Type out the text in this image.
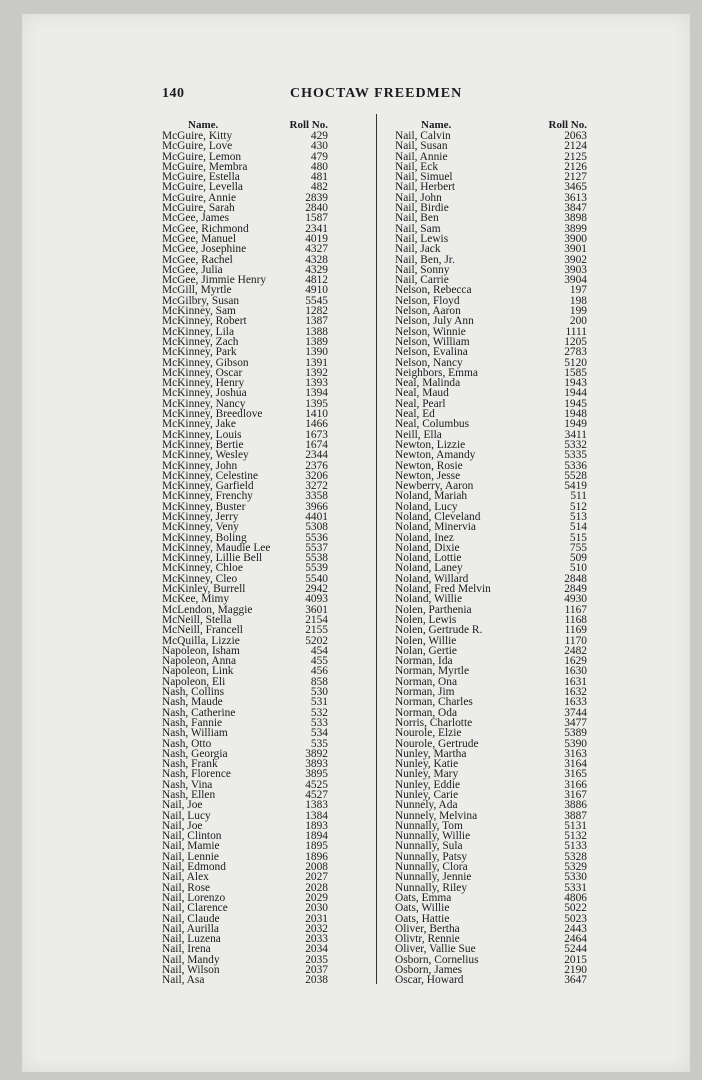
140	CHOCTAW FREEDMEN
Name.	Roll No.
McGuire, Kitty	429
McGuire, Love	430
McGuire, Lemon	479
McGuire, Membra	480
McGuire, Estella	481
McGuire, Levella	482
McGuire, Annie	2839
McGuire, Sarah	2840
McGee, James	1587
McGee, Richmond	2341
McGee, Manuel	4019
McGee, Josephine	4327
McGee, Rachel	4328
McGee, Julia	4329
McGee, Jimmie Henry	4812
McGill, Myrtle	4910
McGilbry, Susan	5545
McKinney, Sam	1282
McKinney, Robert	1387
McKinney, Lila	1388
McKinney, Zach	1389
McKinney, Park	1390
McKinney, Gibson	1391
McKinney, Oscar	1392
McKinney, Henry	1393
McKinney, Joshua	1394
McKinney, Nancy	1395
McKinney, Breedlove	1410
McKinney, Jake	1466
McKinney, Louis	1673
McKinney, Bertie	1674
McKinney, Wesley	2344
McKinney, John	2376
McKinney, Celestine	3206
McKinney, Garfield	3272
McKinney, Frenchy	3358
McKinney, Buster	3966
McKinney, Jerry	4401
McKinney, Veny	5308
McKinney, Boling	5536
McKinney, Maudie Lee	5537
McKinney, Lillie Bell	5538
McKinney, Chloe	5539
McKinney, Cleo	5540
McKinley, Burrell	2942
McKee, Mimy	4093
McLendon, Maggie	3601
McNeill, Stella	2154
McNeill, Francell	2155
McQuilla, Lizzie	5202
Napoleon, Isham	454
Napoleon, Anna	455
Napoleon, Link	456
Napoleon, Eli	858
Nash, Collins	530
Nash, Maude	531
Nash, Catherine	532
Nash, Fannie	533
Nash, William	534
Nash, Otto	535
Nash, Georgia	3892
Nash, Frank	3893
Nash, Florence	3895
Nash, Vina	4525
Nash, Ellen	4527
Nail, Joe	1383
Nail, Lucy	1384
Nail, Joe	1893
Nail, Clinton	1894
Nail, Mamie	1895
Nail, Lennie	1896
Nail, Edmond	2008
Nail, Alex	2027
Nail, Rose	2028
Nail, Lorenzo	2029
Nail, Clarence	2030
Nail, Claude	2031
Nail, Aurilla	2032
Nail, Luzena	2033
Nail, Irena	2034
Nail, Mandy	2035
Nail, Wilson	2037
Nail, Asa	2038
Name.	Roll No.
Nail, Calvin	2063
Nail, Susan	2124
Nail, Annie	2125
Nail, Eck	2126
Nail, Simuel	2127
Nail, Herbert	3465
Nail, John	3613
Nail, Birdie	3847
Nail, Ben	3898
Nail, Sam	3899
Nail, Lewis	3900
Nail, Jack	3901
Nail, Ben, Jr.	3902
Nail, Sonny	3903
Nail, Carrie	3904
Nelson, Rebecca	197
Nelson, Floyd	198
Nelson, Aaron	199
Nelson, July Ann	200
Nelson, Winnie	1111
Nelson, William	1205
Nelson, Evalina	2783
Nelson, Nancy	5120
Neighbors, Emma	1585
Neal, Malinda	1943
Neal, Maud	1944
Neal, Pearl	1945
Neal, Ed	1948
Neal, Columbus	1949
Neill, Ella	3411
Newton, Lizzie	5332
Newton, Amandy	5335
Newton, Rosie	5336
Newton, Jesse	5528
Newberry, Aaron	5419
Noland, Mariah	511
Noland, Lucy	512
Noland, Cleveland	513
Noland, Minervia	514
Noland, Inez	515
Noland, Dixie	755
Noland, Lottie	509
Noland, Laney	510
Noland, Willard	2848
Noland, Fred Melvin	2849
Noland, Willie	4930
Nolen, Parthenia	1167
Nolen, Lewis	1168
Nolen, Gertrude R.	1169
Nolen, Willie	1170
Nolan, Gertie	2482
Norman, Ida	1629
Norman, Myrtle	1630
Norman, Ona	1631
Norman, Jim	1632
Norman, Charles	1633
Norman, Oda	3744
Norris, Charlotte	3477
Nourole, Elzie	5389
Nourole, Gertrude	5390
Nunley, Martha	3163
Nunley, Katie	3164
Nunley, Mary	3165
Nunley, Eddie	3166
Nunley, Carie	3167
Nunnely, Ada	3886
Nunnely, Melvina	3887
Nunnally, Tom	5131
Nunnally, Willie	5132
Nunnally, Sula	5133
Nunnally, Patsy	5328
Nunnally, Clora	5329
Nunnally, Jennie	5330
Nunnally, Riley	5331
Oats, Emma	4806
Oats, Willie	5022
Oats, Hattie	5023
Oliver, Bertha	2443
Olivtr, Rennie	2464
Oliver, Vallie Sue	5244
Osborn, Cornelius	2015
Osborn, James	2190
Oscar, Howard	3647
